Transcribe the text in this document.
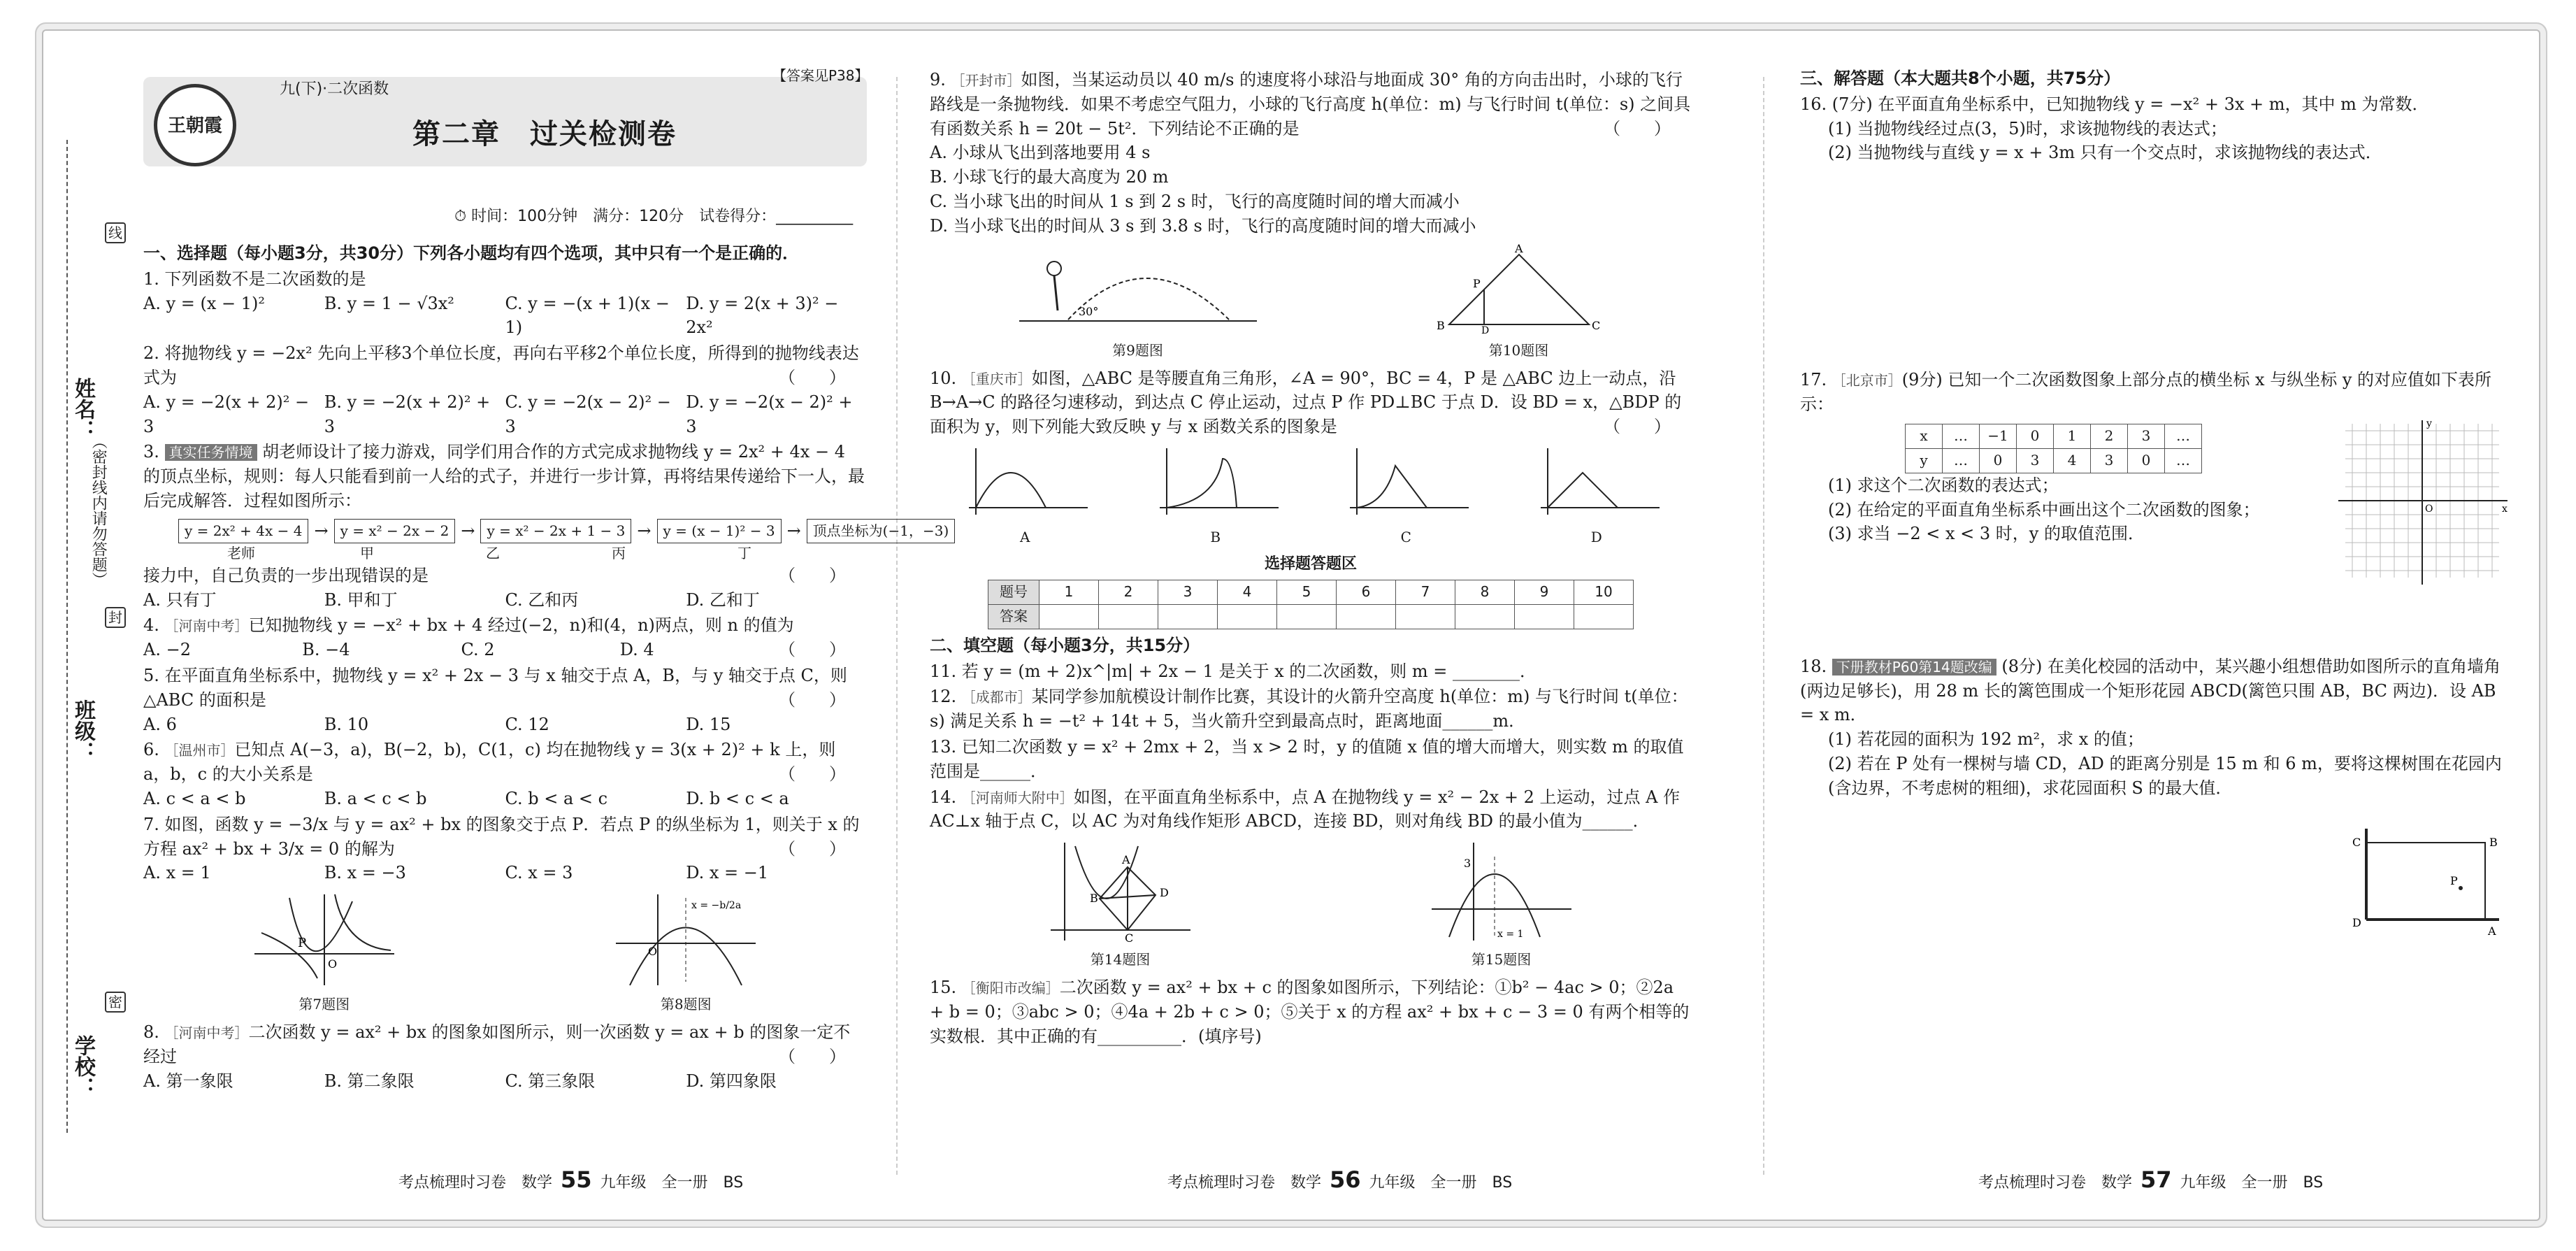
姓名：
班级：
学校：
线
封
密
（密封线内请勿答题）
王朝霞
九(下)·二次函数
【答案见P38】
第二章　过关检测卷
⏱ 时间：100分钟　满分：120分　试卷得分：__________
一、选择题（每小题3分，共30分）下列各小题均有四个选项，其中只有一个是正确的．
1. 下列函数不是二次函数的是
A. y = (x − 1)²	B. y = 1 − √3x²	C. y = −(x + 1)(x − 1)
D. y = 2(x + 3)² − 2x²
2. 将抛物线 y = −2x² 先向上平移3个单位长度，再向右平移2个单位长度，所得到的抛物线表达式为	（　　）
A. y = −2(x + 2)² − 3
B. y = −2(x + 2)² + 3
C. y = −2(x − 2)² − 3
D. y = −2(x − 2)² + 3
3. 真实任务情境 胡老师设计了接力游戏，同学们用合作的方式完成求抛物线 y = 2x² + 4x − 4 的顶点坐标，规则：每人只能看到前一人给的式子，并进行一步计算，再将结果传递给下一人，最后完成解答．过程如图所示：
y = 2x² + 4x − 4 → y = x² − 2x − 2 → y = x² − 2x + 1 − 3 → y = (x − 1)² − 3 → 顶点坐标为(−1，−3)
老师	甲	乙	丙	丁
接力中，自己负责的一步出现错误的是	（　　）
A. 只有丁	B. 甲和丁	C. 乙和丙	D. 乙和丁
4. ［河南中考］已知抛物线 y = −x² + bx + 4 经过(−2，n)和(4，n)两点，则 n 的值为
（　　）
A. −2	B. −4	C. 2	D. 4
5. 在平面直角坐标系中，抛物线 y = x² + 2x − 3 与 x 轴交于点 A，B，与 y 轴交于点 C，则 △ABC 的面积是	（　　）
A. 6	B. 10	C. 12	D. 15
6. ［温州市］已知点 A(−3，a)，B(−2，b)，C(1，c) 均在抛物线 y = 3(x + 2)² + k 上，则 a，b，c 的大小关系是	（　　）
A. c < a < b	B. a < c < b	C. b < a < c	D. b < c < a
7. 如图，函数 y = −3/x 与 y = ax² + bx 的图象交于点 P．若点 P 的纵坐标为 1，则关于 x 的方程 ax² + bx + 3/x = 0 的解为	（　　）
A. x = 1	B. x = −3	C. x = 3	D. x = −1
P
O
第7题图
x = −b/2a
O
第8题图
8. ［河南中考］二次函数 y = ax² + bx 的图象如图所示，则一次函数 y = ax + b 的图象一定不经过	（　　）
A. 第一象限	B. 第二象限	C. 第三象限	D. 第四象限
9. ［开封市］如图，当某运动员以 40 m/s 的速度将小球沿与地面成 30° 角的方向击出时，小球的飞行路线是一条抛物线．如果不考虑空气阻力，小球的飞行高度 h(单位：m) 与飞行时间 t(单位：s) 之间具有函数关系 h = 20t − 5t²．下列结论不正确的是	（　　）
A. 小球从飞出到落地要用 4 s
B. 小球飞行的最大高度为 20 m
C. 当小球飞出的时间从 1 s 到 2 s 时，飞行的高度随时间的增大而减小
D. 当小球飞出的时间从 3 s 到 3.8 s 时，飞行的高度随时间的增大而减小
30°
第9题图
B	C
A
P
D
第10题图
10. ［重庆市］如图，△ABC 是等腰直角三角形，∠A = 90°，BC = 4，P 是 △ABC 边上一动点，沿 B→A→C 的路径匀速移动，到达点 C 停止运动，过点 P 作 PD⊥BC 于点 D．设 BD = x，△BDP 的面积为 y，则下列能大致反映 y 与 x 函数关系的图象是	（　　）
A	B	C	D
选择题答题区
题号	1	2	3	4	5	6	7	8	9	10
答案										
二、填空题（每小题3分，共15分）
11. 若 y = (m + 2)x^|m| + 2x − 1 是关于 x 的二次函数，则 m = ________．
12. ［成都市］某同学参加航模设计制作比赛，其设计的火箭升空高度 h(单位：m) 与飞行时间 t(单位：s) 满足关系 h = −t² + 14t + 5，当火箭升空到最高点时，距离地面______m．
13. 已知二次函数 y = x² + 2mx + 2，当 x > 2 时，y 的值随 x 值的增大而增大，则实数 m 的取值范围是______．
14. ［河南师大附中］如图，在平面直角坐标系中，点 A 在抛物线 y = x² − 2x + 2 上运动，过点 A 作 AC⊥x 轴于点 C，以 AC 为对角线作矩形 ABCD，连接 BD，则对角线 BD 的最小值为______．
A
D
B
C
第14题图
3
x = 1
第15题图
15. ［衡阳市改编］二次函数 y = ax² + bx + c 的图象如图所示，下列结论：①b² − 4ac > 0；②2a + b = 0；③abc > 0；④4a + 2b + c > 0；⑤关于 x 的方程 ax² + bx + c − 3 = 0 有两个相等的实数根．其中正确的有__________．(填序号)
三、解答题（本大题共8个小题，共75分）
16. (7分) 在平面直角坐标系中，已知抛物线 y = −x² + 3x + m，其中 m 为常数．
(1) 当抛物线经过点(3，5)时，求该抛物线的表达式；
(2) 当抛物线与直线 y = x + 3m 只有一个交点时，求该抛物线的表达式．
17. ［北京市］(9分) 已知一个二次函数图象上部分点的横坐标 x 与纵坐标 y 的对应值如下表所示：
x	…	−1	0	1	2	3	…
y	…	0	3	4	3	0	…
(1) 求这个二次函数的表达式；
(2) 在给定的平面直角坐标系中画出这个二次函数的图象；
(3) 求当 −2 < x < 3 时，y 的取值范围．
O	x
y
18. 下册教材P60第14题改编 (8分) 在美化校园的活动中，某兴趣小组想借助如图所示的直角墙角(两边足够长)，用 28 m 长的篱笆围成一个矩形花园 ABCD(篱笆只围 AB，BC 两边)．设 AB = x m．
(1) 若花园的面积为 192 m²，求 x 的值；
(2) 若在 P 处有一棵树与墙 CD，AD 的距离分别是 15 m 和 6 m，要将这棵树围在花园内(含边界，不考虑树的粗细)，求花园面积 S 的最大值．
C	B
D
A
P
考点梳理时习卷　数学 55 九年级　全一册　BS	考点梳理时习卷　数学 56 九年级　全一册　BS	考点梳理时习卷　数学 57 九年级　全一册　BS
